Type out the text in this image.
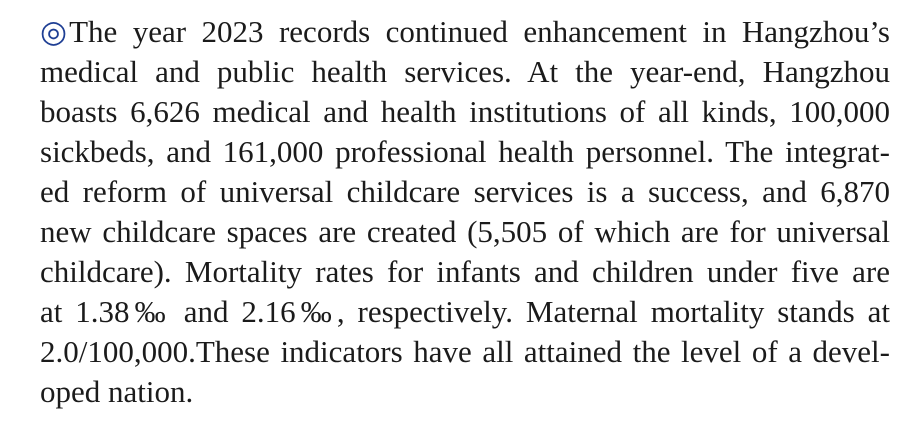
◎The year 2023 records continued enhancement in Hangzhou’s
medical and public health services. At the year-end, Hangzhou
boasts 6,626 medical and health institutions of all kinds, 100,000
sickbeds, and 161,000 professional health personnel. The integrat-
ed reform of universal childcare services is a success, and 6,870
new childcare spaces are created (5,505 of which are for universal
childcare). Mortality rates for infants and children under five are
at 1.38‰ and 2.16‰, respectively. Maternal mortality stands at
2.0/100,000.These indicators have all attained the level of a devel-
oped nation.
